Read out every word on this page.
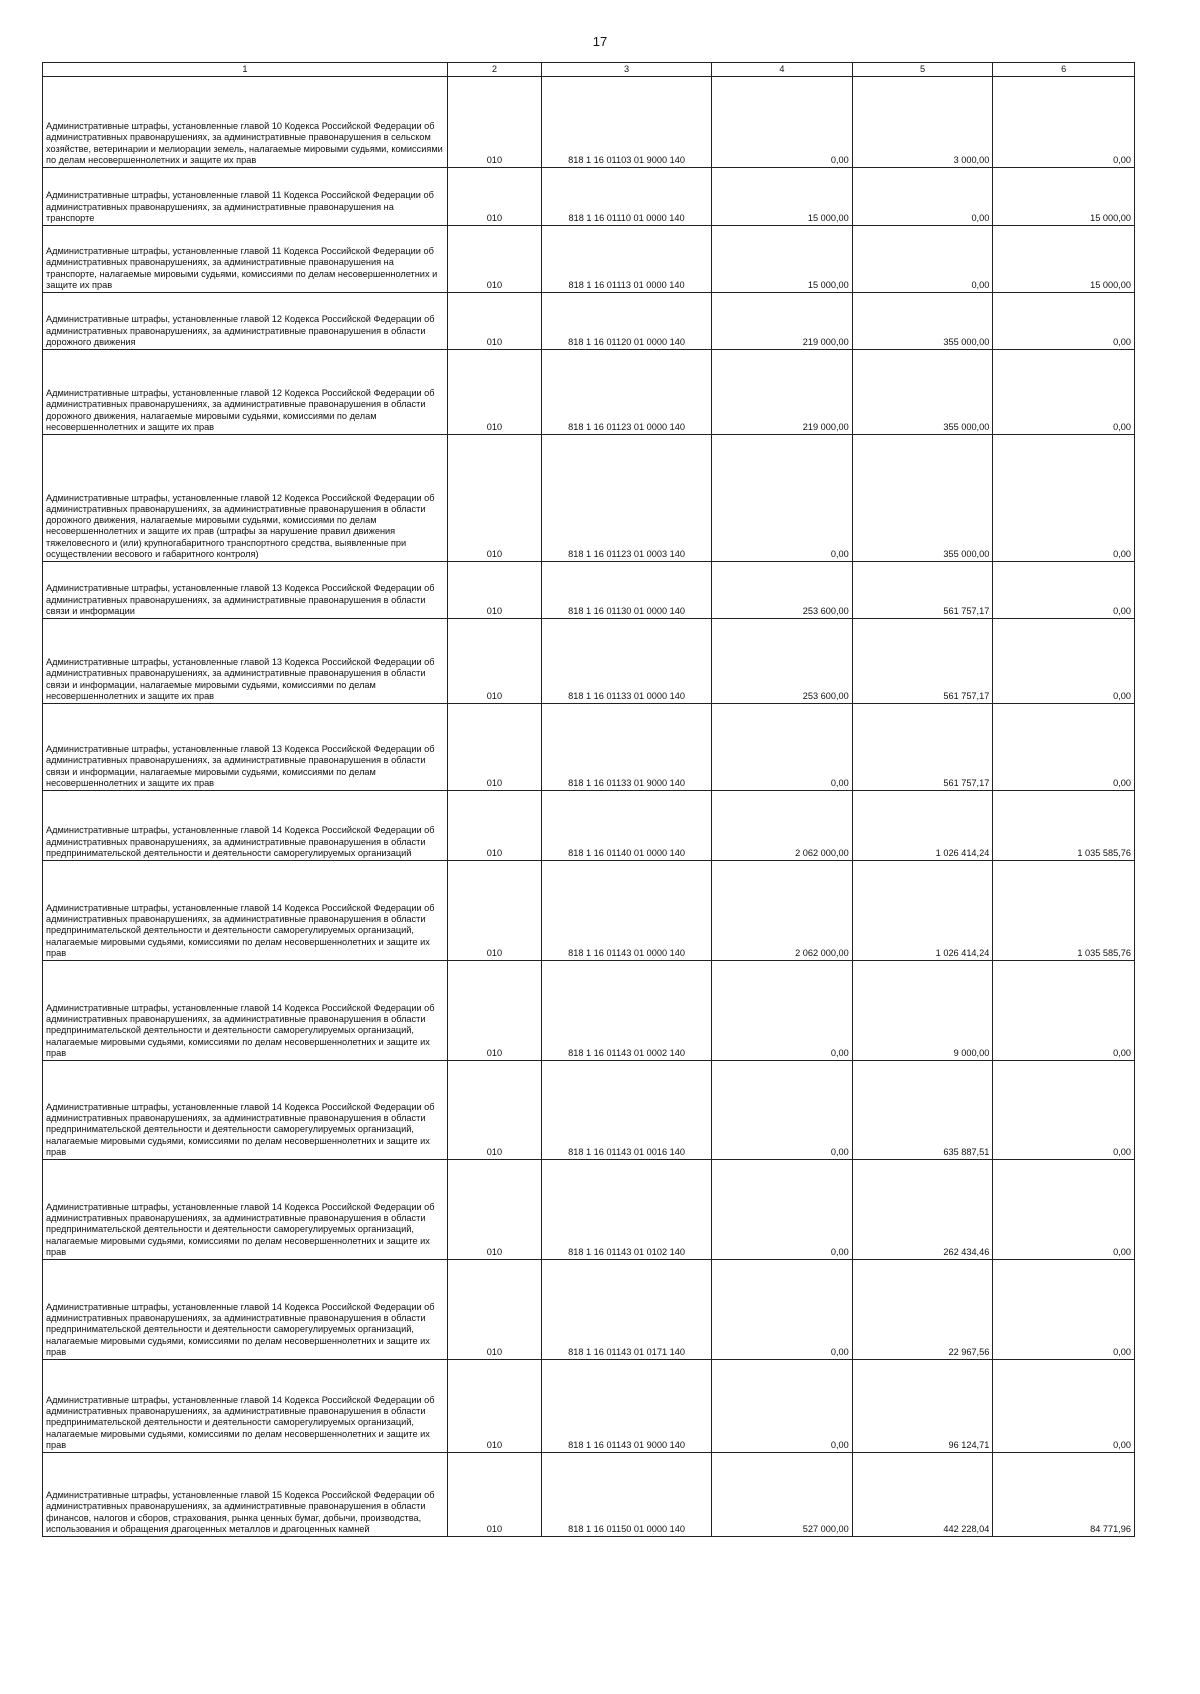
17
1	2	3	4	5	6
Административные штрафы, установленные главой 10 Кодекса Российской Федерации об административных правонарушениях, за административные правонарушения в сельском хозяйстве, ветеринарии и мелиорации земель, налагаемые мировыми судьями, комиссиями по делам несовершеннолетних и защите их прав	010	818 1 16 01103 01 9000 140	0,00	3 000,00	0,00
Административные штрафы, установленные главой 11 Кодекса Российской Федерации об административных правонарушениях, за административные правонарушения на транспорте	010	818 1 16 01110 01 0000 140	15 000,00	0,00	15 000,00
Административные штрафы, установленные главой 11 Кодекса Российской Федерации об административных правонарушениях, за административные правонарушения на транспорте, налагаемые мировыми судьями, комиссиями по делам несовершеннолетних и защите их прав	010	818 1 16 01113 01 0000 140	15 000,00	0,00	15 000,00
Административные штрафы, установленные главой 12 Кодекса Российской Федерации об административных правонарушениях, за административные правонарушения в области дорожного движения	010	818 1 16 01120 01 0000 140	219 000,00	355 000,00	0,00
Административные штрафы, установленные главой 12 Кодекса Российской Федерации об административных правонарушениях, за административные правонарушения в области дорожного движения, налагаемые мировыми судьями, комиссиями по делам несовершеннолетних и защите их прав	010	818 1 16 01123 01 0000 140	219 000,00	355 000,00	0,00
Административные штрафы, установленные главой 12 Кодекса Российской Федерации об административных правонарушениях, за административные правонарушения в области дорожного движения, налагаемые мировыми судьями, комиссиями по делам несовершеннолетних и защите их прав (штрафы за нарушение правил движения тяжеловесного и (или) крупногабаритного транспортного средства, выявленные при осуществлении весового и габаритного контроля)	010	818 1 16 01123 01 0003 140	0,00	355 000,00	0,00
Административные штрафы, установленные главой 13 Кодекса Российской Федерации об административных правонарушениях, за административные правонарушения в области связи и информации	010	818 1 16 01130 01 0000 140	253 600,00	561 757,17	0,00
Административные штрафы, установленные главой 13 Кодекса Российской Федерации об административных правонарушениях, за административные правонарушения в области связи и информации, налагаемые мировыми судьями, комиссиями по делам несовершеннолетних и защите их прав	010	818 1 16 01133 01 0000 140	253 600,00	561 757,17	0,00
Административные штрафы, установленные главой 13 Кодекса Российской Федерации об административных правонарушениях, за административные правонарушения в области связи и информации, налагаемые мировыми судьями, комиссиями по делам несовершеннолетних и защите их прав	010	818 1 16 01133 01 9000 140	0,00	561 757,17	0,00
Административные штрафы, установленные главой 14 Кодекса Российской Федерации об административных правонарушениях, за административные правонарушения в области предпринимательской деятельности и деятельности саморегулируемых организаций	010	818 1 16 01140 01 0000 140	2 062 000,00	1 026 414,24	1 035 585,76
Административные штрафы, установленные главой 14 Кодекса Российской Федерации об административных правонарушениях, за административные правонарушения в области предпринимательской деятельности и деятельности саморегулируемых организаций, налагаемые мировыми судьями, комиссиями по делам несовершеннолетних и защите их прав	010	818 1 16 01143 01 0000 140	2 062 000,00	1 026 414,24	1 035 585,76
Административные штрафы, установленные главой 14 Кодекса Российской Федерации об административных правонарушениях, за административные правонарушения в области предпринимательской деятельности и деятельности саморегулируемых организаций, налагаемые мировыми судьями, комиссиями по делам несовершеннолетних и защите их прав	010	818 1 16 01143 01 0002 140	0,00	9 000,00	0,00
Административные штрафы, установленные главой 14 Кодекса Российской Федерации об административных правонарушениях, за административные правонарушения в области предпринимательской деятельности и деятельности саморегулируемых организаций, налагаемые мировыми судьями, комиссиями по делам несовершеннолетних и защите их прав	010	818 1 16 01143 01 0016 140	0,00	635 887,51	0,00
Административные штрафы, установленные главой 14 Кодекса Российской Федерации об административных правонарушениях, за административные правонарушения в области предпринимательской деятельности и деятельности саморегулируемых организаций, налагаемые мировыми судьями, комиссиями по делам несовершеннолетних и защите их прав	010	818 1 16 01143 01 0102 140	0,00	262 434,46	0,00
Административные штрафы, установленные главой 14 Кодекса Российской Федерации об административных правонарушениях, за административные правонарушения в области предпринимательской деятельности и деятельности саморегулируемых организаций, налагаемые мировыми судьями, комиссиями по делам несовершеннолетних и защите их прав	010	818 1 16 01143 01 0171 140	0,00	22 967,56	0,00
Административные штрафы, установленные главой 14 Кодекса Российской Федерации об административных правонарушениях, за административные правонарушения в области предпринимательской деятельности и деятельности саморегулируемых организаций, налагаемые мировыми судьями, комиссиями по делам несовершеннолетних и защите их прав	010	818 1 16 01143 01 9000 140	0,00	96 124,71	0,00
Административные штрафы, установленные главой 15 Кодекса Российской Федерации об административных правонарушениях, за административные правонарушения в области финансов, налогов и сборов, страхования, рынка ценных бумаг, добычи, производства, использования и обращения драгоценных металлов и драгоценных камней	010	818 1 16 01150 01 0000 140	527 000,00	442 228,04	84 771,96
